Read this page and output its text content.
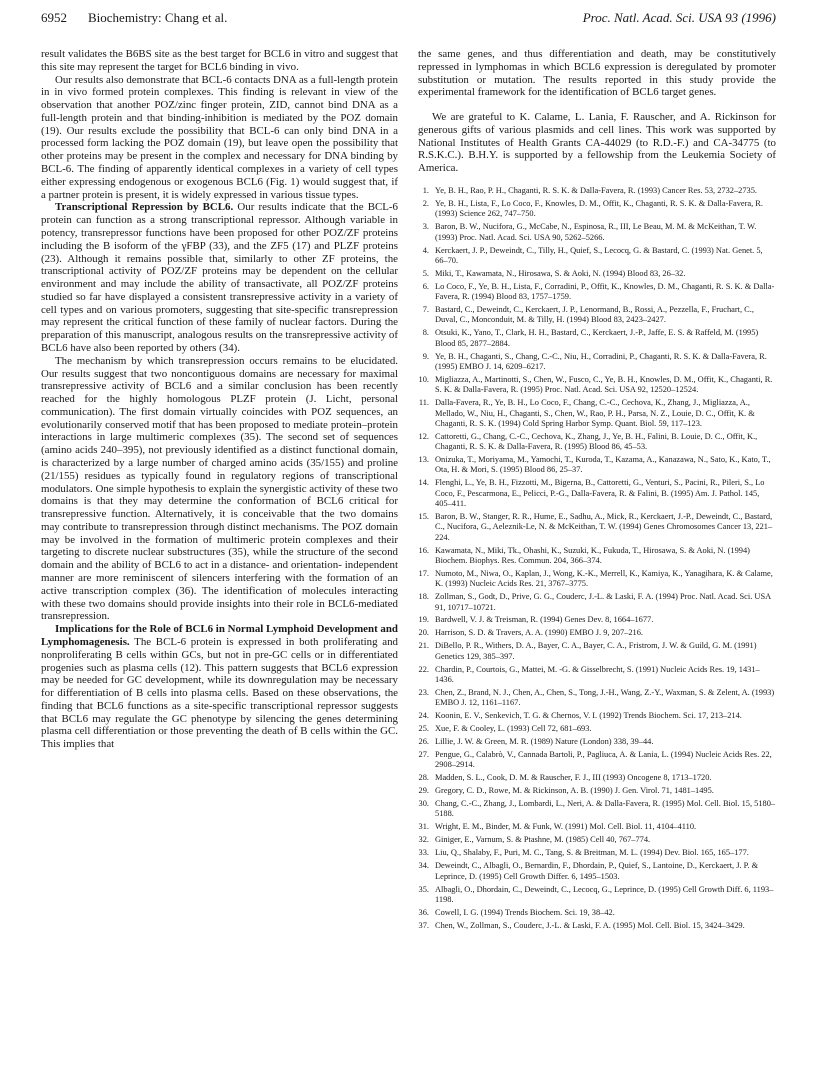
6952 Biochemistry: Chang et al.	Proc. Natl. Acad. Sci. USA 93 (1996)

result validates the B6BS site as the best target for BCL6 in vitro and suggest that this site may represent the target for BCL6 binding in vivo.

Our results also demonstrate that BCL-6 contacts DNA as a full-length protein in in vivo formed protein complexes. This finding is relevant in view of the observation that another POZ/zinc finger protein, ZID, cannot bind DNA as a full-length protein and that binding-inhibition is mediated by the POZ domain (19). Our results exclude the possibility that BCL-6 can only bind DNA in a processed form lacking the POZ domain (19), but leave open the possibility that other proteins may be present in the complex and necessary for DNA binding by BCL-6. The finding of apparently identical complexes in a variety of cell types either expressing endogenous or exogenous BCL6 (Fig. 1) would suggest that, if a partner protein is present, it is widely expressed in various tissue types.

Transcriptional Repression by BCL6. Our results indicate that the BCL-6 protein can function as a strong transcriptional repressor. Although variable in potency, transrepressor functions have been proposed for other POZ/ZF proteins including the B isoform of the γFBP (33), and the ZF5 (17) and PLZF proteins (23). Although it remains possible that, similarly to other ZF proteins, the transcriptional activity of POZ/ZF proteins may be dependent on the cellular environment and may include the ability of transactivate, all POZ/ZF proteins studied so far have displayed a consistent transrepressive activity in a variety of cell types and on various promoters, suggesting that site-specific transrepression may represent the critical function of these family of nuclear factors. During the preparation of this manuscript, analogous results on the transrepressive activity of BCL6 have also been reported by others (34).

The mechanism by which transrepression occurs remains to be elucidated. Our results suggest that two noncontiguous domains are necessary for maximal transrepressive activity of BCL6 and a similar conclusion has been recently reached for the highly homologous PLZF protein (J. Licht, personal communication). The first domain virtually coincides with POZ sequences, an evolutionarily conserved motif that has been proposed to mediate protein–protein interactions in large multimeric complexes (35). The second set of sequences (amino acids 240–395), not previously identified as a distinct functional domain, is characterized by a large number of charged amino acids (35/155) and proline (21/155) residues as typically found in regulatory regions of transcriptional modulators. One simple hypothesis to explain the synergistic activity of these two domains is that they may determine the conformation of BCL6 critical for transrepressive function. Alternatively, it is conceivable that the two domains may contribute to transrepression through distinct mechanisms. The POZ domain may be involved in the formation of multimeric protein complexes and their targeting to discrete nuclear substructures (35), while the structure of the second domain and the ability of BCL6 to act in a distance- and orientation- independent manner are more reminiscent of silencers interfering with the formation of an active transcription complex (36). The identification of molecules interacting with these two domains should provide insights into their role in BCL6-mediated transrepression.

Implications for the Role of BCL6 in Normal Lymphoid Development and Lymphomagenesis. The BCL-6 protein is expressed in both proliferating and nonproliferating B cells within GCs, but not in pre-GC cells or in differentiated progenies such as plasma cells (12). This pattern suggests that BCL6 expression may be needed for GC development, while its downregulation may be necessary for differentiation of B cells into plasma cells. Based on these observations, the finding that BCL6 functions as a site-specific transcriptional repressor suggests that BCL6 may regulate the GC phenotype by silencing the genes determining plasma cell differentiation or those preventing the death of B cells within the GC. This implies that

the same genes, and thus differentiation and death, may be constitutively repressed in lymphomas in which BCL6 expression is deregulated by promoter substitution or mutation. The results reported in this study provide the experimental framework for the identification of BCL6 target genes.

We are grateful to K. Calame, L. Lania, F. Rauscher, and A. Rickinson for generous gifts of various plasmids and cell lines. This work was supported by National Institutes of Health Grants CA-44029 (to R.D.-F.) and CA-34775 (to R.S.K.C.). B.H.Y. is supported by a fellowship from the Leukemia Society of America.

1. Ye, B. H., Rao, P. H., Chaganti, R. S. K. & Dalla-Favera, R. (1993) Cancer Res. 53, 2732–2735.
2. Ye, B. H., Lista, F., Lo Coco, F., Knowles, D. M., Offit, K., Chaganti, R. S. K. & Dalla-Favera, R. (1993) Science 262, 747–750.
3. Baron, B. W., Nucifora, G., McCabe, N., Espinosa, R., III, Le Beau, M. M. & McKeithan, T. W. (1993) Proc. Natl. Acad. Sci. USA 90, 5262–5266.
4. Kerckaert, J. P., Deweindt, C., Tilly, H., Quief, S., Lecocq, G. & Bastard, C. (1993) Nat. Genet. 5, 66–70.
5. Miki, T., Kawamata, N., Hirosawa, S. & Aoki, N. (1994) Blood 83, 26–32.
6. Lo Coco, F., Ye, B. H., Lista, F., Corradini, P., Offit, K., Knowles, D. M., Chaganti, R. S. K. & Dalla-Favera, R. (1994) Blood 83, 1757–1759.
7. Bastard, C., Deweindt, C., Kerckaert, J. P., Lenormand, B., Rossi, A., Pezzella, F., Fruchart, C., Duval, C., Monconduit, M. & Tilly, H. (1994) Blood 83, 2423–2427.
8. Otsuki, K., Yano, T., Clark, H. H., Bastard, C., Kerckaert, J.-P., Jaffe, E. S. & Raffeld, M. (1995) Blood 85, 2877–2884.
9. Ye, B. H., Chaganti, S., Chang, C.-C., Niu, H., Corradini, P., Chaganti, R. S. K. & Dalla-Favera, R. (1995) EMBO J. 14, 6209–6217.
10. Migliazza, A., Martinotti, S., Chen, W., Fusco, C., Ye, B. H., Knowles, D. M., Offit, K., Chaganti, R. S. K. & Dalla-Favera, R. (1995) Proc. Natl. Acad. Sci. USA 92, 12520–12524.
11. Dalla-Favera, R., Ye, B. H., Lo Coco, F., Chang, C.-C., Cechova, K., Zhang, J., Migliazza, A., Mellado, W., Niu, H., Chaganti, S., Chen, W., Rao, P. H., Parsa, N. Z., Louie, D. C., Offit, K. & Chaganti, R. S. K. (1994) Cold Spring Harbor Symp. Quant. Biol. 59, 117–123.
12. Cattoretti, G., Chang, C.-C., Cechova, K., Zhang, J., Ye, B. H., Falini, B. Louie, D. C., Offit, K., Chaganti, R. S. K. & Dalla-Favera, R. (1995) Blood 86, 45–53.
13. Onizuka, T., Moriyama, M., Yamochi, T., Kuroda, T., Kazama, A., Kanazawa, N., Sato, K., Kato, T., Ota, H. & Mori, S. (1995) Blood 86, 25–37.
14. Flenghi, L., Ye, B. H., Fizzotti, M., Bigerna, B., Cattoretti, G., Venturi, S., Pacini, R., Pileri, S., Lo Coco, F., Pescarmona, E., Pelicci, P.-G., Dalla-Favera, R. & Falini, B. (1995) Am. J. Pathol. 145, 405–411.
15. Baron, B. W., Stanger, R. R., Hume, E., Sadhu, A., Mick, R., Kerckaert, J.-P., Deweindt, C., Bastard, C., Nucifora, G., Aeleznik-Le, N. & McKeithan, T. W. (1994) Genes Chromosomes Cancer 13, 221–224.
16. Kawamata, N., Miki, Tk., Ohashi, K., Suzuki, K., Fukuda, T., Hirosawa, S. & Aoki, N. (1994) Biochem. Biophys. Res. Commun. 204, 366–374.
17. Numoto, M., Niwa, O., Kaplan, J., Wong, K.-K., Merrell, K., Kamiya, K., Yanagihara, K. & Calame, K. (1993) Nucleic Acids Res. 21, 3767–3775.
18. Zollman, S., Godt, D., Prive, G. G., Couderc, J.-L. & Laski, F. A. (1994) Proc. Natl. Acad. Sci. USA 91, 10717–10721.
19. Bardwell, V. J. & Treisman, R. (1994) Genes Dev. 8, 1664–1677.
20. Harrison, S. D. & Travers, A. A. (1990) EMBO J. 9, 207–216.
21. DiBello, P. R., Withers, D. A., Bayer, C. A., Bayer, C. A., Fristrom, J. W. & Guild, G. M. (1991) Genetics 129, 385–397.
22. Chardin, P., Courtois, G., Mattei, M. -G. & Gisselbrecht, S. (1991) Nucleic Acids Res. 19, 1431–1436.
23. Chen, Z., Brand, N. J., Chen, A., Chen, S., Tong, J.-H., Wang, Z.-Y., Waxman, S. & Zelent, A. (1993) EMBO J. 12, 1161–1167.
24. Koonin, E. V., Senkevich, T. G. & Chernos, V. I. (1992) Trends Biochem. Sci. 17, 213–214.
25. Xue, F. & Cooley, L. (1993) Cell 72, 681–693.
26. Lillie, J. W. & Green, M. R. (1989) Nature (London) 338, 39–44.
27. Pengue, G., Calabrò, V., Cannada Bartoli, P., Pagliuca, A. & Lania, L. (1994) Nucleic Acids Res. 22, 2908–2914.
28. Madden, S. L., Cook, D. M. & Rauscher, F. J., III (1993) Oncogene 8, 1713–1720.
29. Gregory, C. D., Rowe, M. & Rickinson, A. B. (1990) J. Gen. Virol. 71, 1481–1495.
30. Chang, C.-C., Zhang, J., Lombardi, L., Neri, A. & Dalla-Favera, R. (1995) Mol. Cell. Biol. 15, 5180–5188.
31. Wright, E. M., Binder, M. & Funk, W. (1991) Mol. Cell. Biol. 11, 4104–4110.
32. Giniger, E., Varnum, S. & Ptashne, M. (1985) Cell 40, 767–774.
33. Liu, Q., Shalaby, F., Puri, M. C., Tang, S. & Breitman, M. L. (1994) Dev. Biol. 165, 165–177.
34. Deweindt, C., Albagli, O., Bernardin, F., Dhordain, P., Quief, S., Lantoine, D., Kerckaert, J. P. & Leprince, D. (1995) Cell Growth Differ. 6, 1495–1503.
35. Albagli, O., Dhordain, C., Deweindt, C., Lecocq, G., Leprince, D. (1995) Cell Growth Diff. 6, 1193–1198.
36. Cowell, I. G. (1994) Trends Biochem. Sci. 19, 38–42.
37. Chen, W., Zollman, S., Couderc, J.-L. & Laski, F. A. (1995) Mol. Cell. Biol. 15, 3424–3429.
